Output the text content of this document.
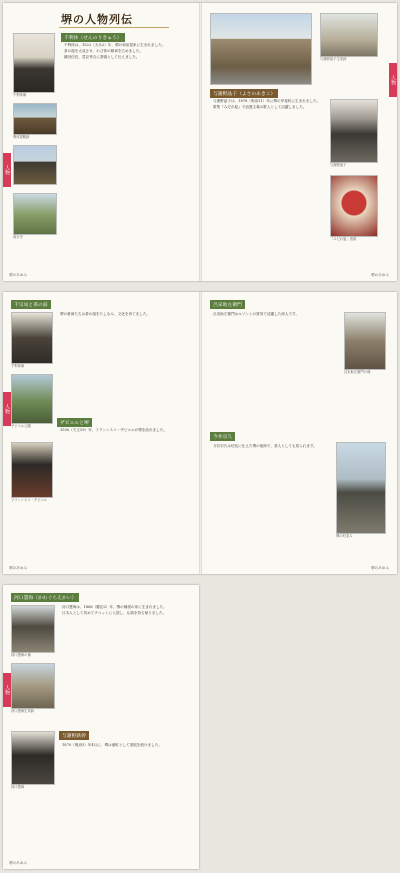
堺の人物列伝
千利休（せんのりきゅう）
千利休像
利休屋敷跡
南宗寺

千利休は、1522（大永2）年、堺の和泉屋家に生まれました。

茶の湯を大成させ、わび茶の精神を広めました。

織田信長、豊臣秀吉に茶頭として仕えました。

人物
堺のあゆみ
与謝野晶子生家跡
与謝野晶子（よさのあきこ）

与謝野晶子は、1878（明治11）年に堺の甲斐町に生まれました。

歌集『みだれ髪』で浪漫主義の歌人として活躍しました。

与謝野晶子
「みだれ髪」表紙
人物
堺のあゆみ
千宗易と茶の湯
千利休像
ザビエル公園

堺の豪商たちは茶の湯をたしなみ、文化を育てました。

ザビエルと堺
フランシスコ・ザビエル

1550（天文19）年、フランシスコ・ザビエルが堺を訪れました。

人物
堺のあゆみ
呂宋助左衛門

呂宋助左衛門はルソンとの貿易で活躍した商人です。

呂宋助左衛門の像
今井宗久

今井宗久は信長に仕えた堺の豪商で、茶人としても知られます。

堺の町並み
堺のあゆみ
河口慧海（かわぐちえかい）
河口慧海の像
河口慧海生家跡

河口慧海は、1866（慶応2）年、堺の桶屋の家に生まれました。

日本人として初めてチベットに入国し、仏典を持ち帰りました。

与謝野鉄幹
河口慧海

1870（明治3）年4月に、堺は港町として発展を続けました。

人物
堺のあゆみ
